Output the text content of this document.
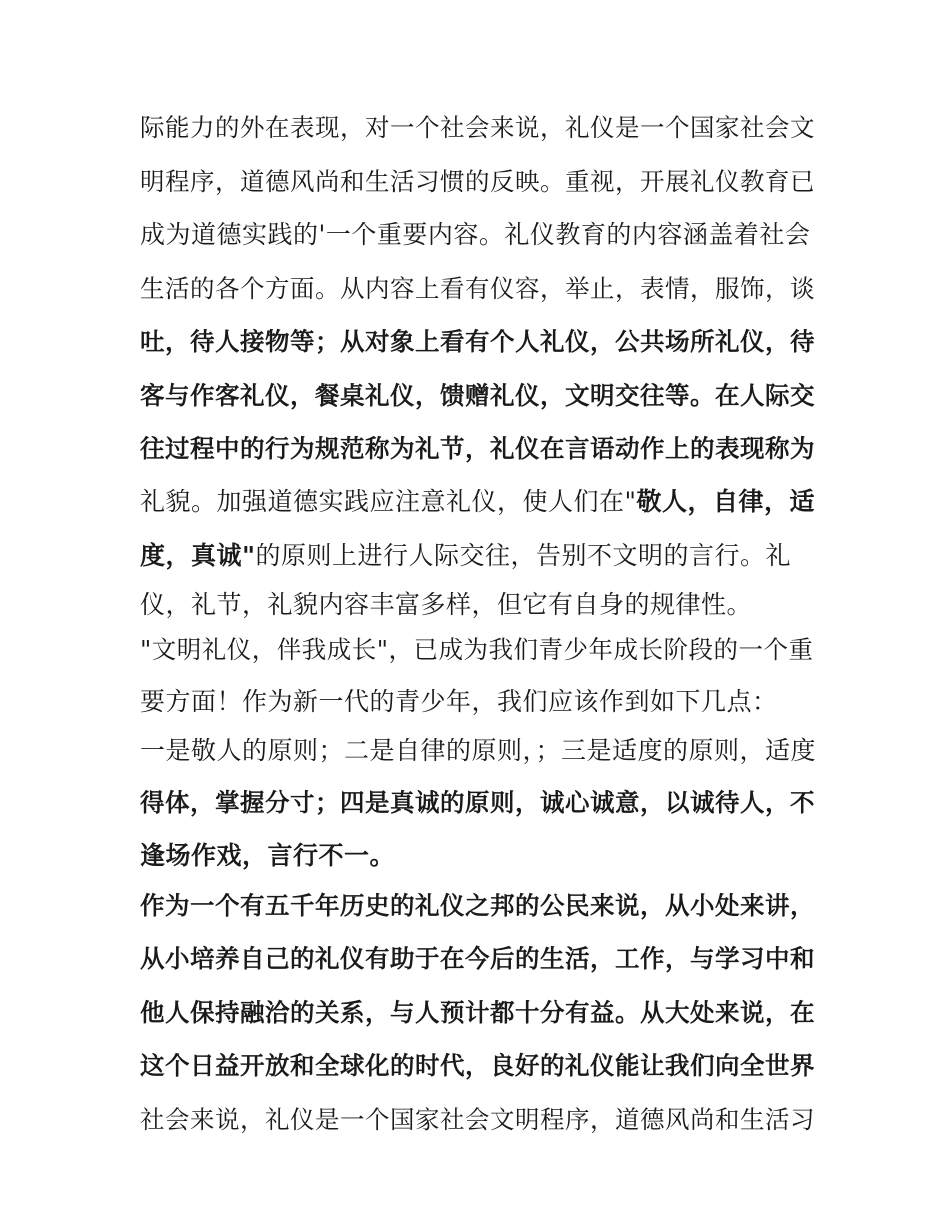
际能力的外在表现，对一个社会来说，礼仪是一个国家社会文
明程序，道德风尚和生活习惯的反映。重视，开展礼仪教育已
成为道德实践的'一个重要内容。礼仪教育的内容涵盖着社会
生活的各个方面。从内容上看有仪容，举止，表情，服饰，谈
吐，待人接物等；从对象上看有个人礼仪，公共场所礼仪，待
客与作客礼仪，餐桌礼仪，馈赠礼仪，文明交往等。在人际交
往过程中的行为规范称为礼节，礼仪在言语动作上的表现称为
礼貌。加强道德实践应注意礼仪，使人们在"敬人，自律，适
度，真诚"的原则上进行人际交往，告别不文明的言行。礼
仪，礼节，礼貌内容丰富多样，但它有自身的规律性。
"文明礼仪，伴我成长"，已成为我们青少年成长阶段的一个重
要方面！作为新一代的青少年，我们应该作到如下几点：
一是敬人的原则；二是自律的原则，；三是适度的原则，适度
得体，掌握分寸；四是真诚的原则，诚心诚意，以诚待人，不
逢场作戏，言行不一。
作为一个有五千年历史的礼仪之邦的公民来说，从小处来讲，
从小培养自己的礼仪有助于在今后的生活，工作，与学习中和
他人保持融洽的关系，与人预计都十分有益。从大处来说，在
这个日益开放和全球化的时代，良好的礼仪能让我们向全世界
社会来说，礼仪是一个国家社会文明程序，道德风尚和生活习
